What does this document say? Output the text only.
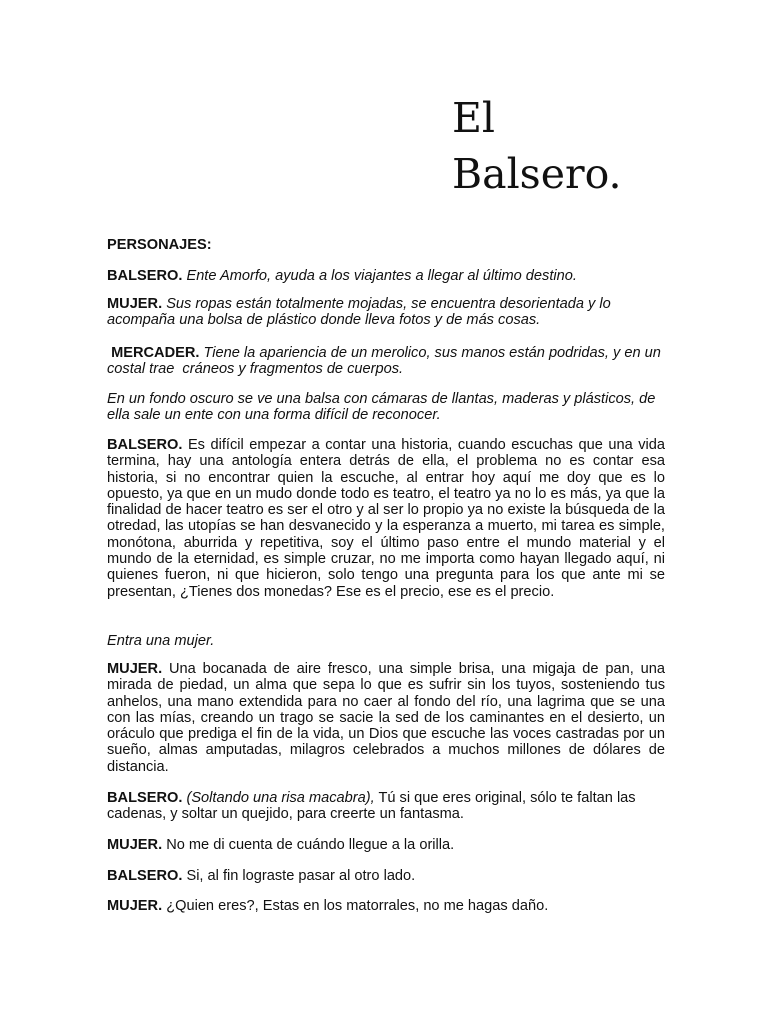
El
Balsero.

PERSONAJES:

BALSERO. Ente Amorfo, ayuda a los viajantes a llegar al último destino.

MUJER. Sus ropas están totalmente mojadas, se encuentra desorientada y lo acompaña una bolsa de plástico donde lleva fotos y de más cosas.

MERCADER. Tiene la apariencia de un merolico, sus manos están podridas, y en un costal trae  cráneos y fragmentos de cuerpos.

En un fondo oscuro se ve una balsa con cámaras de llantas, maderas y plásticos, de ella sale un ente con una forma difícil de reconocer.

BALSERO. Es difícil empezar a contar una historia, cuando escuchas que una vida termina, hay una antología entera detrás de ella, el problema no es contar esa historia, si no encontrar quien la escuche, al entrar hoy aquí me doy que es lo opuesto, ya que en un mudo donde todo es teatro, el teatro ya no lo es más, ya que la finalidad de hacer teatro es ser el otro y al ser lo propio ya no existe la búsqueda de la otredad, las utopías se han desvanecido y la esperanza a muerto, mi tarea es simple, monótona, aburrida y repetitiva, soy el último paso entre el mundo material y el mundo de la eternidad, es simple cruzar, no me importa como hayan llegado aquí, ni quienes fueron, ni que hicieron, solo tengo una pregunta para los que ante mi se presentan, ¿Tienes dos monedas? Ese es el precio, ese es el precio.

Entra una mujer.

MUJER. Una bocanada de aire fresco, una simple brisa, una migaja de pan, una mirada de piedad, un alma que sepa lo que es sufrir sin los tuyos, sosteniendo tus anhelos, una mano extendida para no caer al fondo del río, una lagrima que se una con las mías, creando un trago se sacie la sed de los caminantes en el desierto, un oráculo que prediga el fin de la vida, un Dios que escuche las voces castradas por un sueño, almas amputadas, milagros celebrados a muchos millones de dólares de distancia.

BALSERO. (Soltando una risa macabra), Tú si que eres original, sólo te faltan las cadenas, y soltar un quejido, para creerte un fantasma.

MUJER. No me di cuenta de cuándo llegue a la orilla.

BALSERO. Si, al fin lograste pasar al otro lado.

MUJER. ¿Quien eres?, Estas en los matorrales, no me hagas daño.
